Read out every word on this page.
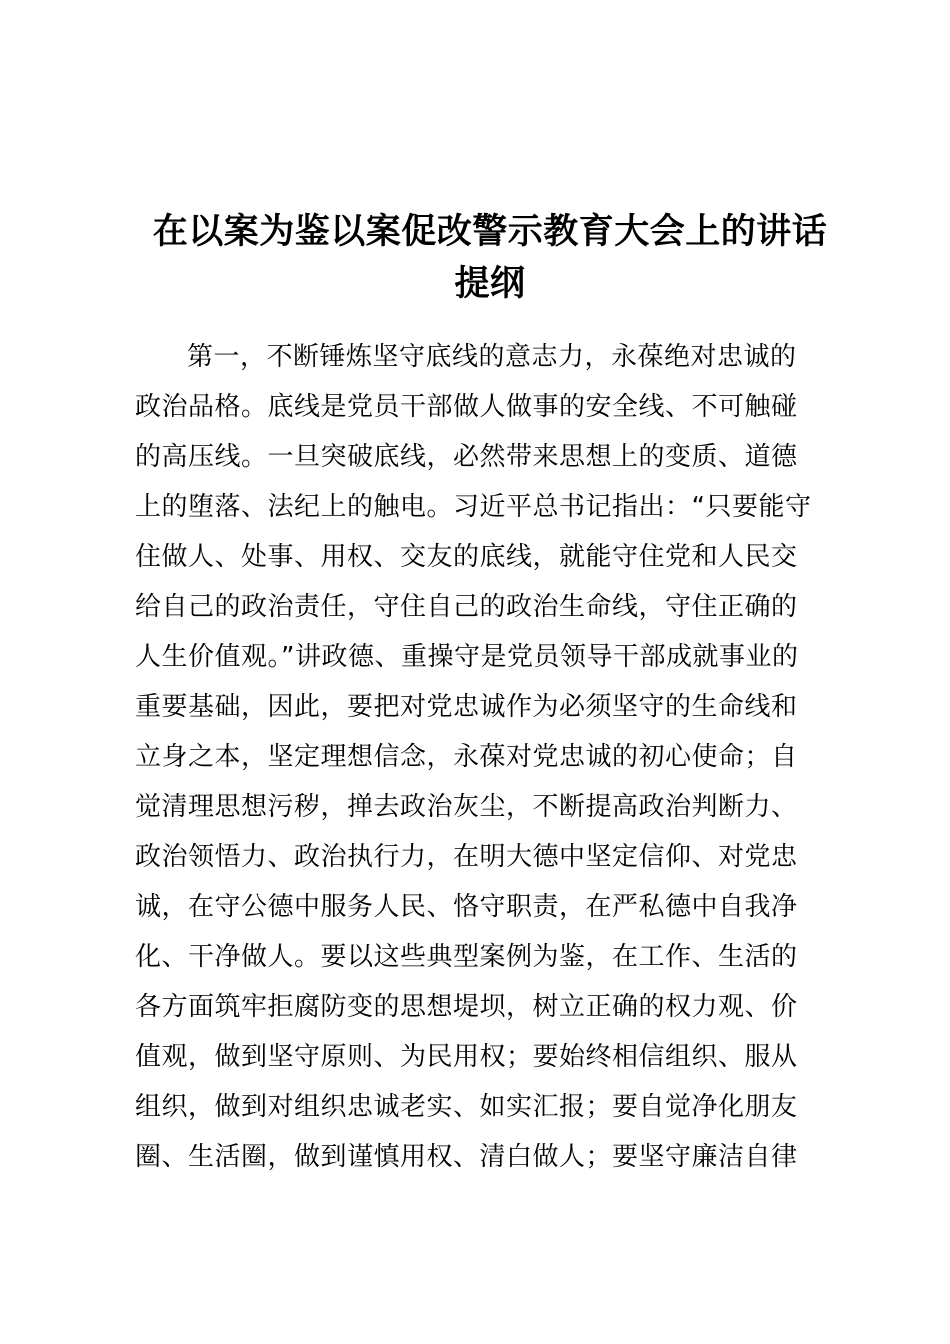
在以案为鉴以案促改警示教育大会上的讲话
提纲
第一，不断锤炼坚守底线的意志力，永葆绝对忠诚的
政治品格。底线是党员干部做人做事的安全线、不可触碰
的高压线。一旦突破底线，必然带来思想上的变质、道德
上的堕落、法纪上的触电。习近平总书记指出：“只要能守
住做人、处事、用权、交友的底线，就能守住党和人民交
给自己的政治责任，守住自己的政治生命线，守住正确的
人生价值观。”讲政德、重操守是党员领导干部成就事业的
重要基础，因此，要把对党忠诚作为必须坚守的生命线和
立身之本，坚定理想信念，永葆对党忠诚的初心使命；自
觉清理思想污秽，掸去政治灰尘，不断提高政治判断力、
政治领悟力、政治执行力，在明大德中坚定信仰、对党忠
诚，在守公德中服务人民、恪守职责，在严私德中自我净
化、干净做人。要以这些典型案例为鉴，在工作、生活的
各方面筑牢拒腐防变的思想堤坝，树立正确的权力观、价
值观，做到坚守原则、为民用权；要始终相信组织、服从
组织，做到对组织忠诚老实、如实汇报；要自觉净化朋友
圈、生活圈，做到谨慎用权、清白做人；要坚守廉洁自律
